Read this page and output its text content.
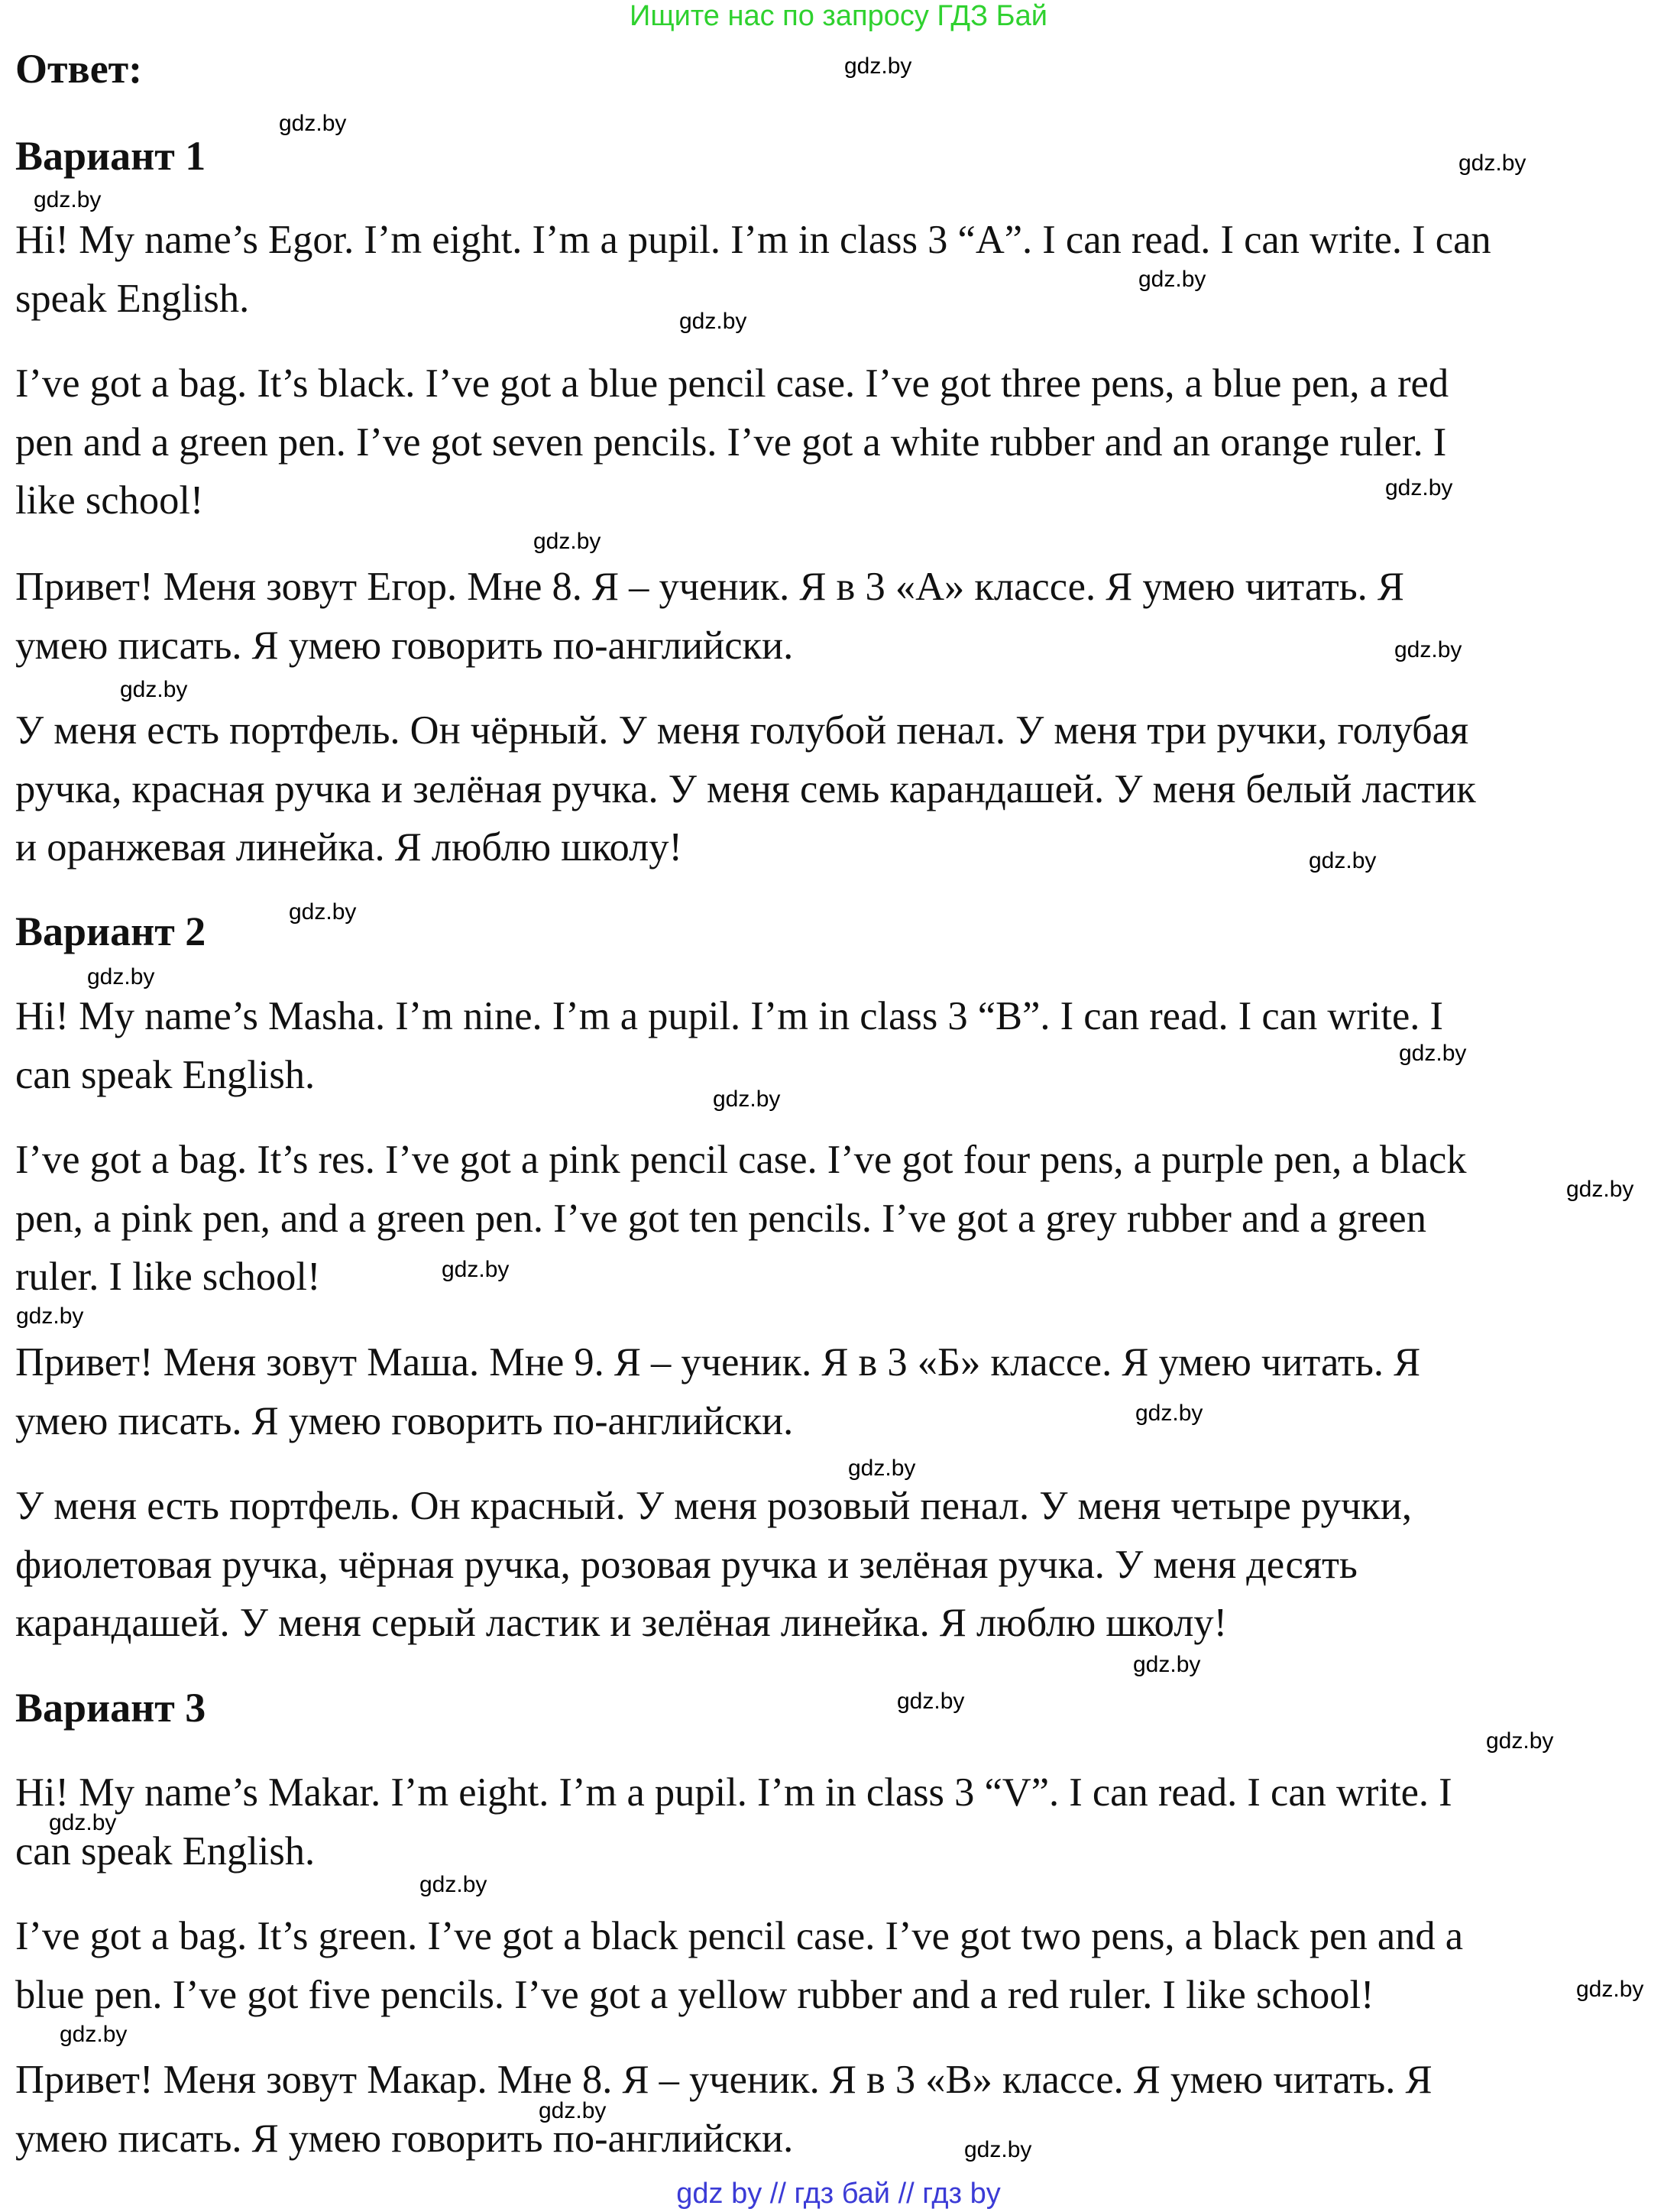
Ищите нас по запросу ГДЗ Бай
Ответ:
Вариант 1

Hi! My name’s Egor. I’m eight. I’m a pupil. I’m in class 3 “A”. I can read. I can write. I can
speak English.

I’ve got a bag. It’s black. I’ve got a blue pencil case. I’ve got three pens, a blue pen, a red
pen and a green pen. I’ve got seven pencils. I’ve got a white rubber and an orange ruler. I
like school!

Привет! Меня зовут Егор. Мне 8. Я – ученик. Я в 3 «А» классе. Я умею читать. Я
умею писать. Я умею говорить по-английски.

У меня есть портфель. Он чёрный. У меня голубой пенал. У меня три ручки, голубая
ручка, красная ручка и зелёная ручка. У меня семь карандашей. У меня белый ластик
и оранжевая линейка. Я люблю школу!

Вариант 2

Hi! My name’s Masha. I’m nine. I’m a pupil. I’m in class 3 “B”. I can read. I can write. I
can speak English.

I’ve got a bag. It’s res. I’ve got a pink pencil case. I’ve got four pens, a purple pen, a black
pen, a pink pen, and a green pen. I’ve got ten pencils. I’ve got a grey rubber and a green
ruler. I like school!

Привет! Меня зовут Маша. Мне 9. Я – ученик. Я в 3 «Б» классе. Я умею читать. Я
умею писать. Я умею говорить по-английски.

У меня есть портфель. Он красный. У меня розовый пенал. У меня четыре ручки,
фиолетовая ручка, чёрная ручка, розовая ручка и зелёная ручка. У меня десять
карандашей. У меня серый ластик и зелёная линейка. Я люблю школу!

Вариант 3

Hi! My name’s Makar. I’m eight. I’m a pupil. I’m in class 3 “V”. I can read. I can write. I
can speak English.

I’ve got a bag. It’s green. I’ve got a black pencil case. I’ve got two pens, a black pen and a
blue pen. I’ve got five pencils. I’ve got a yellow rubber and a red ruler. I like school!

Привет! Меня зовут Макар. Мне 8. Я – ученик. Я в 3 «В» классе. Я умею читать. Я
умею писать. Я умею говорить по-английски.

gdz.by
gdz.by
gdz.by
gdz.by
gdz.by
gdz.by
gdz.by
gdz.by
gdz.by
gdz.by
gdz.by
gdz.by
gdz.by
gdz.by
gdz.by
gdz.by
gdz.by
gdz.by
gdz.by
gdz.by
gdz.by
gdz.by
gdz.by
gdz.by
gdz.by
gdz.by
gdz.by
gdz.by
gdz.by
gdz by // гдз бай // гдз by
